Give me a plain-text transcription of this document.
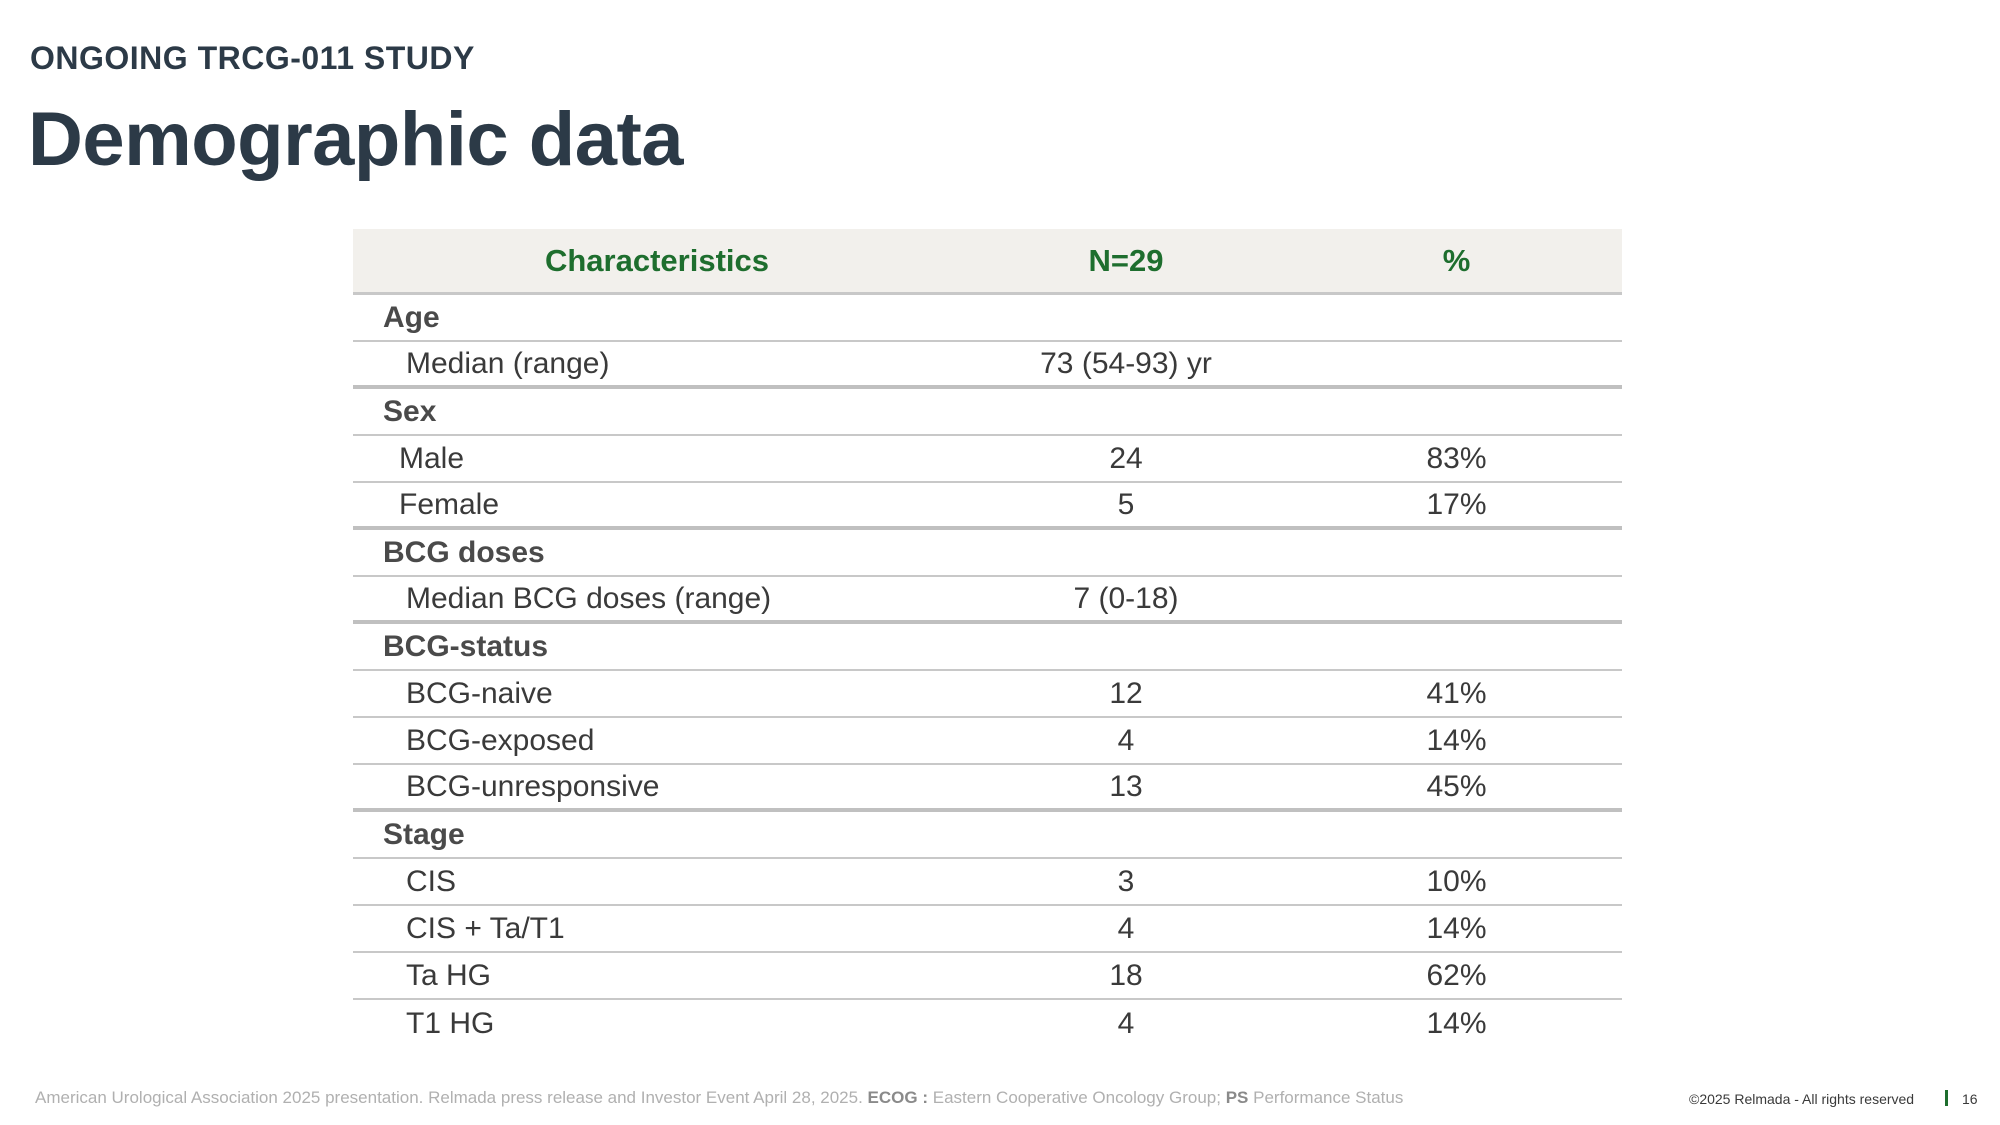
ONGOING TRCG-011 STUDY
Demographic data
Characteristics	N=29	%
Age
Median (range)	73 (54-93) yr
Sex
Male	24	83%
Female	5	17%
BCG doses
Median BCG doses (range)	7 (0-18)
BCG-status
BCG-naive	12	41%
BCG-exposed	4	14%
BCG-unresponsive	13	45%
Stage
CIS	3	10%
CIS + Ta/T1	4	14%
Ta HG	18	62%
T1 HG	4	14%
American Urological Association 2025 presentation. Relmada press release and Investor Event April 28, 2025. ECOG : Eastern Cooperative Oncology Group; PS Performance Status	©2025 Relmada - All rights reserved	16
